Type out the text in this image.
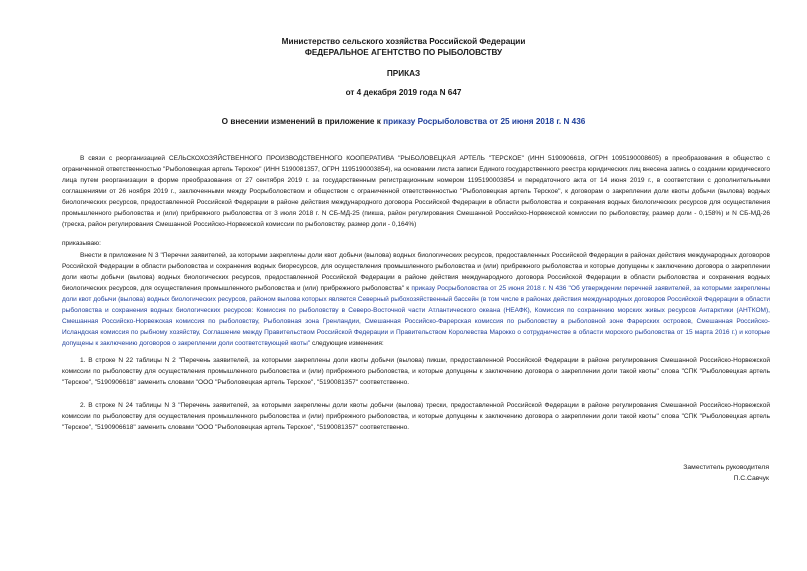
Министерство сельского хозяйства Российской Федерации
ФЕДЕРАЛЬНОЕ АГЕНТСТВО ПО РЫБОЛОВСТВУ
ПРИКАЗ
от 4 декабря 2019 года N 647
О внесении изменений в приложение к приказу Росрыболовства от 25 июня 2018 г. N 436
В связи с реорганизацией СЕЛЬСКОХОЗЯЙСТВЕННОГО ПРОИЗВОДСТВЕННОГО КООПЕРАТИВА "РЫБОЛОВЕЦКАЯ АРТЕЛЬ "ТЕРСКОЕ" (ИНН 5190906618, ОГРН 1095190008605) в преобразования в общество с ограниченной ответственностью "Рыболовецкая артель Терское" (ИНН 5190081357, ОГРН 1195190003854), на основании листа записи Единого государственного реестра юридических лиц внесена запись о создании юридического лица путем реорганизации в форме преобразования от 27 сентября 2019 г. за государственным регистрационным номером 1195190003854 и передаточного акта от 14 июня 2019 г., в соответствии с дополнительными соглашениями от 26 ноября 2019 г., заключенными между Росрыболовством и обществом с ограниченной ответственностью "Рыболовецкая артель Терское", к договорам о закреплении доли квоты добычи (вылова) водных биологических ресурсов, предоставленной Российской Федерации в районе действия международного договора Российской Федерации в области рыболовства и сохранения водных биологических ресурсов для осуществления промышленного рыболовства и (или) прибрежного рыболовства от 3 июля 2018 г. N СБ-МД-25 (пикша, район регулирования Смешанной Российско-Норвежской комиссии по рыболовству, размер доли - 0,158%) и N СБ-МД-26 (треска, район регулирования Смешанной Российско-Норвежской комиссии по рыболовству, размер доли - 0,164%)
приказываю:
Внести в приложение N 3 "Перечни заявителей, за которыми закреплены доли квот добычи (вылова) водных биологических ресурсов, предоставленных Российской Федерации в районах действия международных договоров Российской Федерации в области рыболовства и сохранения водных биоресурсов, для осуществления промышленного рыболовства и (или) прибрежного рыболовства и которые допущены к заключению договора о закреплении доли квоты добычи (вылова) водных биологических ресурсов, предоставленной Российской Федерации в районе действия международного договора Российской Федерации в области рыболовства и сохранения водных биологических ресурсов, для осуществления промышленного рыболовства и (или) прибрежного рыболовства" к приказу Росрыболовства от 25 июня 2018 г. N 436 "Об утверждении перечней заявителей, за которыми закреплены доли квот добычи (вылова) водных биологических ресурсов, районом вылова которых является Северный рыбохозяйственный бассейн (в том числе в районах действия международных договоров Российской Федерации в области рыболовства и сохранения водных биологических ресурсов: Комиссия по рыболовству в Северо-Восточной части Атлантического океана (НЕАФК), Комиссия по сохранению морских живых ресурсов Антарктики (АНТКОМ), Смешанная Российско-Норвежская комиссия по рыболовству, Рыболовная зона Гренландии, Смешанная Российско-Фарерская комиссия по рыболовству в рыболовной зоне Фарерских островов, Смешанная Российско-Исландская комиссия по рыбному хозяйству, Соглашение между Правительством Российской Федерации и Правительством Королевства Марокко о сотрудничестве в области морского рыболовства от 15 марта 2016 г.) и которые допущены к заключению договоров о закреплении доли соответствующей квоты" следующие изменения:
1. В строке N 22 таблицы N 2 "Перечень заявителей, за которыми закреплены доли квоты добычи (вылова) пикши, предоставленной Российской Федерации в районе регулирования Смешанной Российско-Норвежской комиссии по рыболовству для осуществления промышленного рыболовства и (или) прибрежного рыболовства, и которые допущены к заключению договора о закреплении доли такой квоты" слова "СПК "Рыболовецкая артель "Терское", "5190906618" заменить словами "ООО "Рыболовецкая артель Терское", "5190081357" соответственно.
2. В строке N 24 таблицы N 3 "Перечень заявителей, за которыми закреплены доли квоты добычи (вылова) трески, предоставленной Российской Федерации в районе регулирования Смешанной Российско-Норвежской комиссии по рыболовству для осуществления промышленного рыболовства и (или) прибрежного рыболовства, и которые допущены к заключению договора о закреплении доли такой квоты" слова "СПК "Рыболовецкая артель "Терское", "5190906618" заменить словами "ООО "Рыболовецкая артель Терское", "5190081357" соответственно.
Заместитель руководителя
П.С.Савчук
